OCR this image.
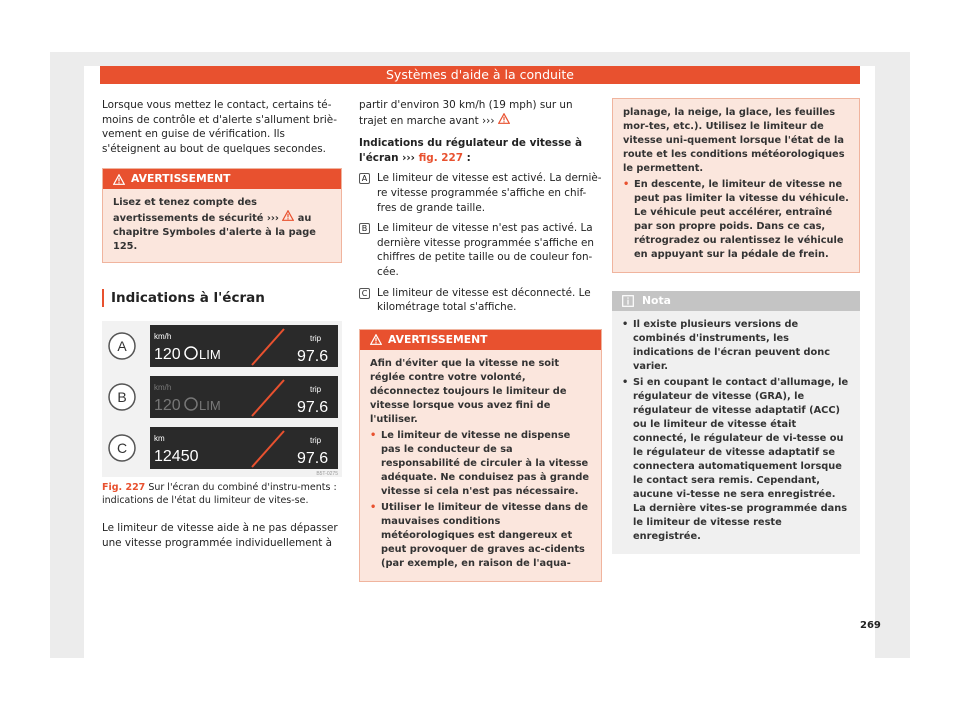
Systèmes d'aide à la conduite

Lorsque vous mettez le contact, certains té-moins de contrôle et d'alerte s'allument briè-vement en guise de vérification. Ils s'éteignent au bout de quelques secondes.

AVERTISSEMENT
Lisez et tenez compte des avertissements de sécurité ››› au chapitre Symboles d'alerte à la page 125.
Indications à l'écran
A
km/h
120 LIM
trip
97.6
B
km/h
120 LIM
trip
97.6
C
km
12450
trip
97.6
B5T-0275
Fig. 227 Sur l'écran du combiné d'instru-ments : indications de l'état du limiteur de vites-se.

Le limiteur de vitesse aide à ne pas dépasser une vitesse programmée individuellement à

partir d'environ 30 km/h (19 mph) sur un trajet en marche avant ›››

Indications du régulateur de vitesse à l'écran ››› fig. 227 :
A Le limiteur de vitesse est activé. La derniè-re vitesse programmée s'affiche en chif-fres de grande taille.
B Le limiteur de vitesse n'est pas activé. La dernière vitesse programmée s'affiche en chiffres de petite taille ou de couleur fon-cée.
C Le limiteur de vitesse est déconnecté. Le kilométrage total s'affiche.
AVERTISSEMENT
Afin d'éviter que la vitesse ne soit réglée contre votre volonté, déconnectez toujours le limiteur de vitesse lorsque vous avez fini de l'utiliser.
• Le limiteur de vitesse ne dispense pas le conducteur de sa responsabilité de circuler à la vitesse adéquate. Ne conduisez pas à grande vitesse si cela n'est pas nécessaire.
• Utiliser le limiteur de vitesse dans de mauvaises conditions météorologiques est dangereux et peut provoquer de graves ac-cidents (par exemple, en raison de l'aqua-
planage, la neige, la glace, les feuilles mor-tes, etc.). Utilisez le limiteur de vitesse uni-quement lorsque l'état de la route et les conditions météorologiques le permettent.
• En descente, le limiteur de vitesse ne peut pas limiter la vitesse du véhicule. Le véhicule peut accélérer, entraîné par son propre poids. Dans ce cas, rétrogradez ou ralentissez le véhicule en appuyant sur la pédale de frein.
Nota
• Il existe plusieurs versions de combinés d'instruments, les indications de l'écran peuvent donc varier.
• Si en coupant le contact d'allumage, le régulateur de vitesse (GRA), le régulateur de vitesse adaptatif (ACC) ou le limiteur de vitesse était connecté, le régulateur de vi-tesse ou le régulateur de vitesse adaptatif se connectera automatiquement lorsque le contact sera remis. Cependant, aucune vi-tesse ne sera enregistrée. La dernière vites-se programmée dans le limiteur de vitesse reste enregistrée.
269
